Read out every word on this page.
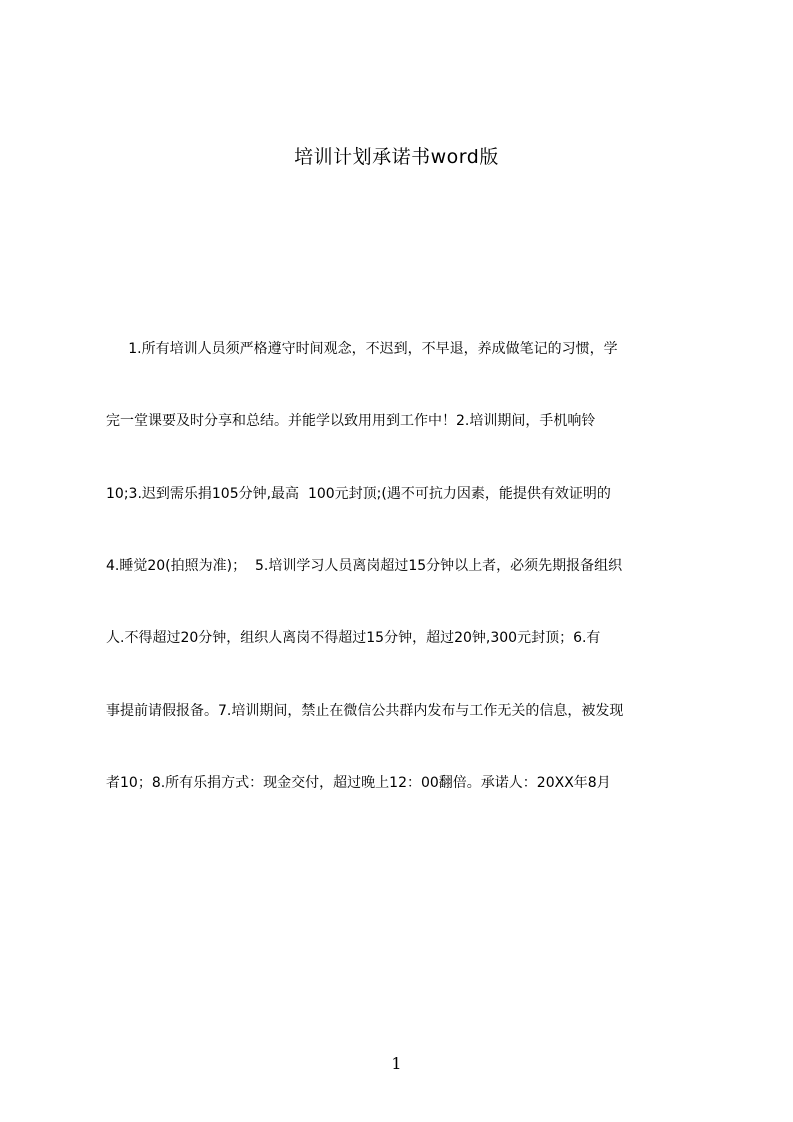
培训计划承诺书word版

1.所有培训人员须严格遵守时间观念，不迟到，不早退，养成做笔记的习惯，学

完一堂课要及时分享和总结。并能学以致用用到工作中！2.培训期间，手机响铃

10;3.迟到需乐捐105分钟,最高  100元封顶;(遇不可抗力因素，能提供有效证明的

4.睡觉20(拍照为准)；  5.培训学习人员离岗超过15分钟以上者，必须先期报备组织

人.不得超过20分钟，组织人离岗不得超过15分钟，超过20钟,300元封顶；6.有

事提前请假报备。7.培训期间，禁止在微信公共群内发布与工作无关的信息，被发现

者10；8.所有乐捐方式：现金交付，超过晚上12：00翻倍。承诺人：20XX年8月

1
